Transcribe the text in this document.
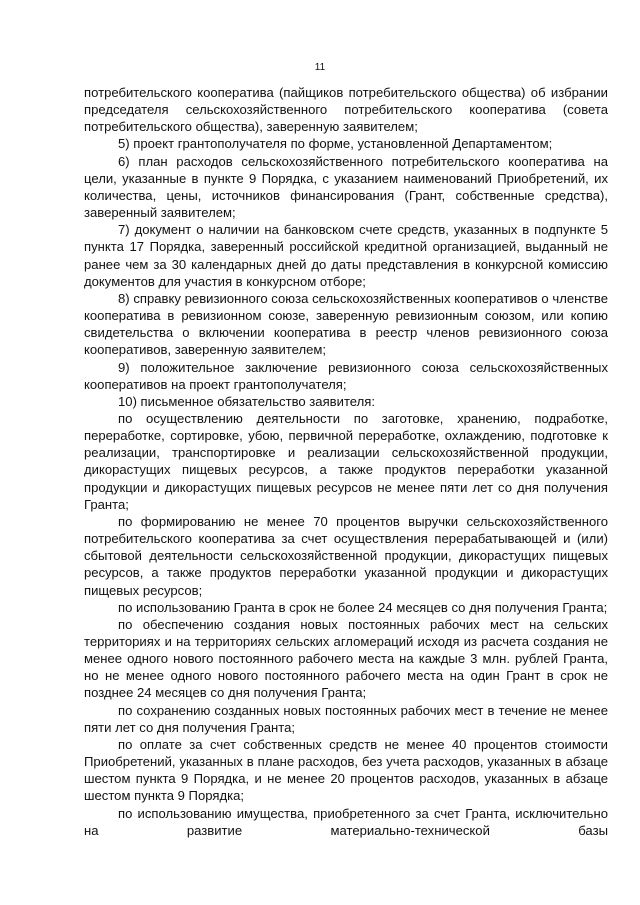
11

потребительского кооператива (пайщиков потребительского общества) об избрании председателя сельскохозяйственного потребительского кооператива (совета потребительского общества), заверенную заявителем;

5) проект грантополучателя по форме, установленной Департаментом;

6) план расходов сельскохозяйственного потребительского кооператива на цели, указанные в пункте 9 Порядка, с указанием наименований Приобретений, их количества, цены, источников финансирования (Грант, собственные средства), заверенный заявителем;

7) документ о наличии на банковском счете средств, указанных в подпункте 5 пункта 17 Порядка, заверенный российской кредитной организацией, выданный не ранее чем за 30 календарных дней до даты представления в конкурсной комиссию документов для участия в конкурсном отборе;

8) справку ревизионного союза сельскохозяйственных кооперативов о членстве кооператива в ревизионном союзе, заверенную ревизионным союзом, или копию свидетельства о включении кооператива в реестр членов ревизионного союза кооперативов, заверенную заявителем;

9) положительное заключение ревизионного союза сельскохозяйственных кооперативов на проект грантополучателя;

10) письменное обязательство заявителя:

по осуществлению деятельности по заготовке, хранению, подработке, переработке, сортировке, убою, первичной переработке, охлаждению, подготовке к реализации, транспортировке и реализации сельскохозяйственной продукции, дикорастущих пищевых ресурсов, а также продуктов переработки указанной продукции и дикорастущих пищевых ресурсов не менее пяти лет со дня получения Гранта;

по формированию не менее 70 процентов выручки сельскохозяйственного потребительского кооператива за счет осуществления перерабатывающей и (или) сбытовой деятельности сельскохозяйственной продукции, дикорастущих пищевых ресурсов, а также продуктов переработки указанной продукции и дикорастущих пищевых ресурсов;

по использованию Гранта в срок не более 24 месяцев со дня получения Гранта;

по обеспечению создания новых постоянных рабочих мест на сельских территориях и на территориях сельских агломераций исходя из расчета создания не менее одного нового постоянного рабочего места на каждые 3 млн. рублей Гранта, но не менее одного нового постоянного рабочего места на один Грант в срок не позднее 24 месяцев со дня получения Гранта;

по сохранению созданных новых постоянных рабочих мест в течение не менее пяти лет со дня получения Гранта;

по оплате за счет собственных средств не менее 40 процентов стоимости Приобретений, указанных в плане расходов, без учета расходов, указанных в абзаце шестом пункта 9 Порядка, и не менее 20 процентов расходов, указанных в абзаце шестом пункта 9 Порядка;

по использованию имущества, приобретенного за счет Гранта, исключительно на развитие материально-технической базы
